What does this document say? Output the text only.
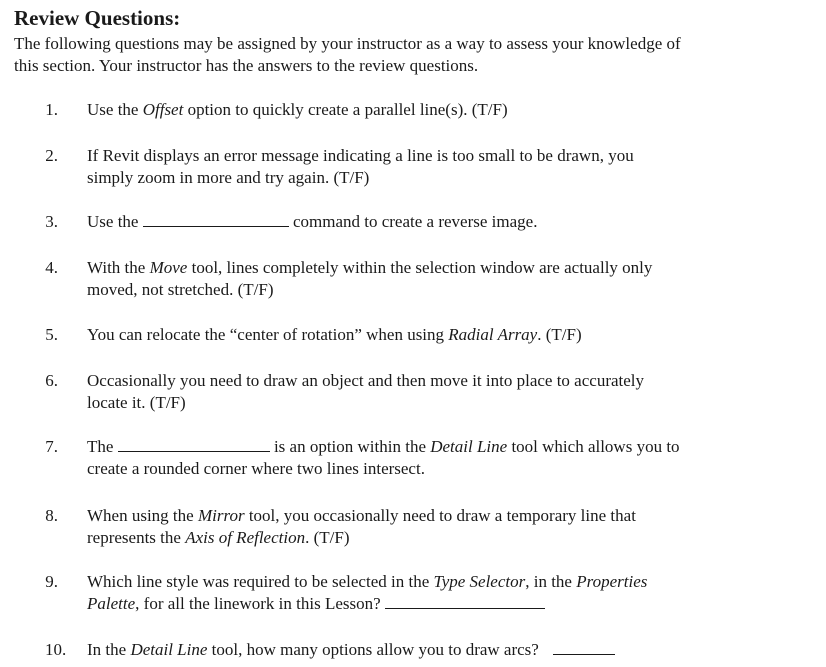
Review Questions:

The following questions may be assigned by your instructor as a way to assess your knowledge of this section. Your instructor has the answers to the review questions.

1. Use the Offset option to quickly create a parallel line(s). (T/F)
2. If Revit displays an error message indicating a line is too small to be drawn, you
simply zoom in more and try again. (T/F)
3. Use the	command to create a reverse image.
4. With the Move tool, lines completely within the selection window are actually only
moved, not stretched. (T/F)
5. You can relocate the “center of rotation” when using Radial Array. (T/F)
6. Occasionally you need to draw an object and then move it into place to accurately
locate it. (T/F)
7. The	is an option within the Detail Line tool which allows you to
create a rounded corner where two lines intersect.
8. When using the Mirror tool, you occasionally need to draw a temporary line that
represents the Axis of Reflection. (T/F)
9. Which line style was required to be selected in the Type Selector, in the Properties
Palette, for all the linework in this Lesson?
10. In the Detail Line tool, how many options allow you to draw arcs?
